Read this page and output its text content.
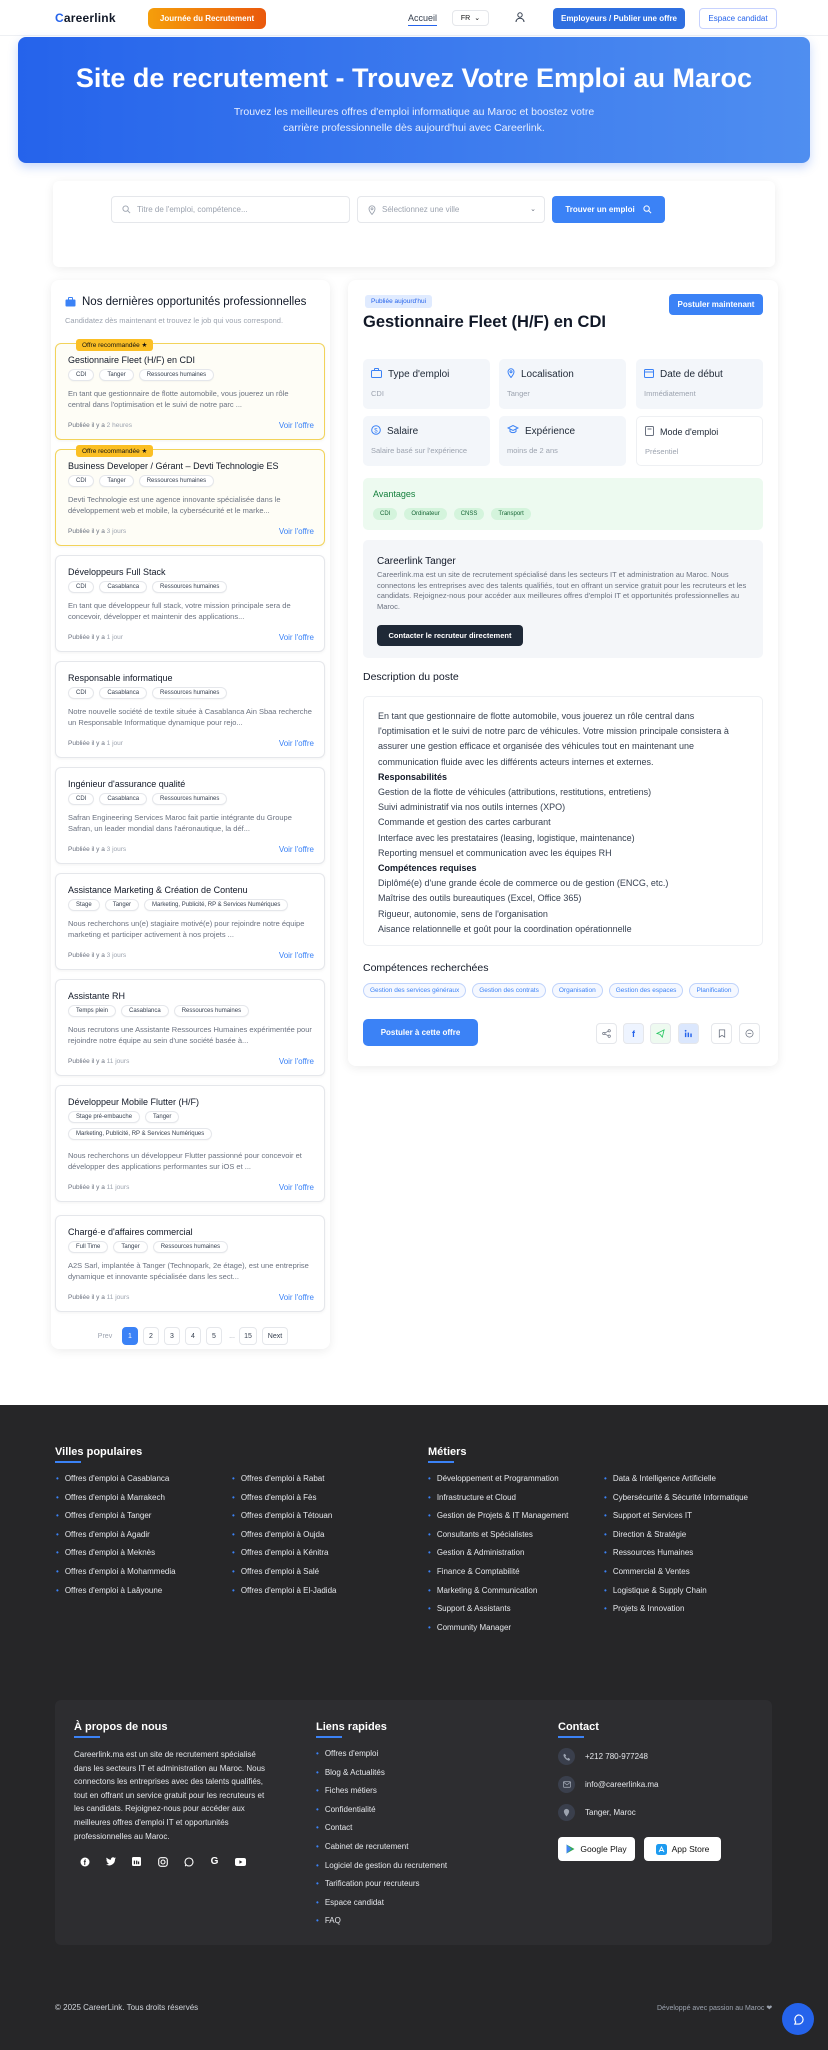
Careerlink	Journée du Recrutement	Accueil	FR ⌄	Employeurs / Publier une offre	Espace candidat
Site de recrutement - Trouvez Votre Emploi au Maroc

Trouvez les meilleures offres d'emploi informatique au Maroc et boostez votre carrière professionnelle dès aujourd'hui avec Careerlink.

Titre de l'emploi, compétence...	Sélectionnez une ville	⌄	Trouver un emploi
Nos dernières opportunités professionnelles
Candidatez dès maintenant et trouvez le job qui vous correspond.
Offre recommandée ★
Gestionnaire Fleet (H/F) en CDI
CDI	Tanger	Ressources humaines
En tant que gestionnaire de flotte automobile, vous jouerez un rôle central dans l'optimisation et le suivi de notre parc ...
Publiée il y a 2 heures	Voir l'offre
Offre recommandée ★
Business Developer / Gérant – Devti Technologie ES
CDI	Tanger	Ressources humaines
Devti Technologie est une agence innovante spécialisée dans le développement web et mobile, la cybersécurité et le marke...
Publiée il y a 3 jours	Voir l'offre
Développeurs Full Stack
CDI	Casablanca	Ressources humaines
En tant que développeur full stack, votre mission principale sera de concevoir, développer et maintenir des applications...
Publiée il y a 1 jour	Voir l'offre
Responsable informatique
CDI	Casablanca	Ressources humaines
Notre nouvelle société de textile située à Casablanca Ain Sbaa recherche un Responsable Informatique dynamique pour rejo...
Publiée il y a 1 jour	Voir l'offre
Ingénieur d'assurance qualité
CDI	Casablanca	Ressources humaines
Safran Engineering Services Maroc fait partie intégrante du Groupe Safran, un leader mondial dans l'aéronautique, la déf...
Publiée il y a 3 jours	Voir l'offre
Assistance Marketing & Création de Contenu
Stage	Tanger	Marketing, Publicité, RP & Services Numériques
Nous recherchons un(e) stagiaire motivé(e) pour rejoindre notre équipe marketing et participer activement à nos projets ...
Publiée il y a 3 jours	Voir l'offre
Assistante RH
Temps plein	Casablanca	Ressources humaines
Nous recrutons une Assistante Ressources Humaines expérimentée pour rejoindre notre équipe au sein d'une société basée à...
Publiée il y a 11 jours	Voir l'offre
Développeur Mobile Flutter (H/F)
Stage pré-embauche	Tanger
Marketing, Publicité, RP & Services Numériques
Nous recherchons un développeur Flutter passionné pour concevoir et développer des applications performantes sur iOS et ...
Publiée il y a 11 jours	Voir l'offre
Chargé·e d'affaires commercial
Full Time	Tanger	Ressources humaines
A2S Sarl, implantée à Tanger (Technopark, 2e étage), est une entreprise dynamique et innovante spécialisée dans les sect...
Publiée il y a 11 jours	Voir l'offre
Prev	1	2	3	4	5	...	15	Next
Publiée aujourd'hui	Postuler maintenant
Gestionnaire Fleet (H/F) en CDI
Type d'emploi
CDI
Localisation
Tanger
Date de début
Immédiatement
$ Salaire
Salaire basé sur l'expérience
Expérience
moins de 2 ans
Mode d'emploi
Présentiel
Avantages
CDI	Ordinateur	CNSS	Transport
Careerlink Tanger
Careerlink.ma est un site de recrutement spécialisé dans les secteurs IT et administration au Maroc. Nous connectons les entreprises avec des talents qualifiés, tout en offrant un service gratuit pour les recruteurs et les candidats. Rejoignez-nous pour accéder aux meilleures offres d'emploi IT et opportunités professionnelles au Maroc.
Contacter le recruteur directement
Description du poste
En tant que gestionnaire de flotte automobile, vous jouerez un rôle central dans
l'optimisation et le suivi de notre parc de véhicules. Votre mission principale consistera à
assurer une gestion efficace et organisée des véhicules tout en maintenant une
communication fluide avec les différents acteurs internes et externes.
Responsabilités
Gestion de la flotte de véhicules (attributions, restitutions, entretiens)
Suivi administratif via nos outils internes (XPO)
Commande et gestion des cartes carburant
Interface avec les prestataires (leasing, logistique, maintenance)
Reporting mensuel et communication avec les équipes RH
Compétences requises
Diplômé(e) d'une grande école de commerce ou de gestion (ENCG, etc.)
Maîtrise des outils bureautiques (Excel, Office 365)
Rigueur, autonomie, sens de l'organisation
Aisance relationnelle et goût pour la coordination opérationnelle
Compétences recherchées
Gestion des services généraux	Gestion des contrats	Organisation	Gestion des espaces	Planification
Postuler à cette offre	f
Villes populaires
• Offres d'emploi à Casablanca
• Offres d'emploi à Marrakech
• Offres d'emploi à Tanger
• Offres d'emploi à Agadir
• Offres d'emploi à Meknès
• Offres d'emploi à Mohammedia
• Offres d'emploi à Laâyoune
• Offres d'emploi à Rabat
• Offres d'emploi à Fès
• Offres d'emploi à Tétouan
• Offres d'emploi à Oujda
• Offres d'emploi à Kénitra
• Offres d'emploi à Salé
• Offres d'emploi à El-Jadida
Métiers
• Développement et Programmation
• Infrastructure et Cloud
• Gestion de Projets & IT Management
• Consultants et Spécialistes
• Gestion & Administration
• Finance & Comptabilité
• Marketing & Communication
• Support & Assistants
• Community Manager
• Data & Intelligence Artificielle
• Cybersécurité & Sécurité Informatique
• Support et Services IT
• Direction & Stratégie
• Ressources Humaines
• Commercial & Ventes
• Logistique & Supply Chain
• Projets & Innovation
À propos de nous
Careerlink.ma est un site de recrutement spécialisé dans les secteurs IT et administration au Maroc. Nous connectons les entreprises avec des talents qualifiés, tout en offrant un service gratuit pour les recruteurs et les candidats. Rejoignez-nous pour accéder aux meilleures offres d'emploi IT et opportunités professionnelles au Maroc.
f	G
Liens rapides
• Offres d'emploi
• Blog & Actualités
• Fiches métiers
• Confidentialité
• Contact
• Cabinet de recrutement
• Logiciel de gestion du recrutement
• Tarification pour recruteurs
• Espace candidat
• FAQ
Contact
+212 780-977248
info@careerlinka.ma
Tanger, Maroc
Google Play	App Store
© 2025 CareerLink. Tous droits réservés	Développé avec passion au Maroc ❤
